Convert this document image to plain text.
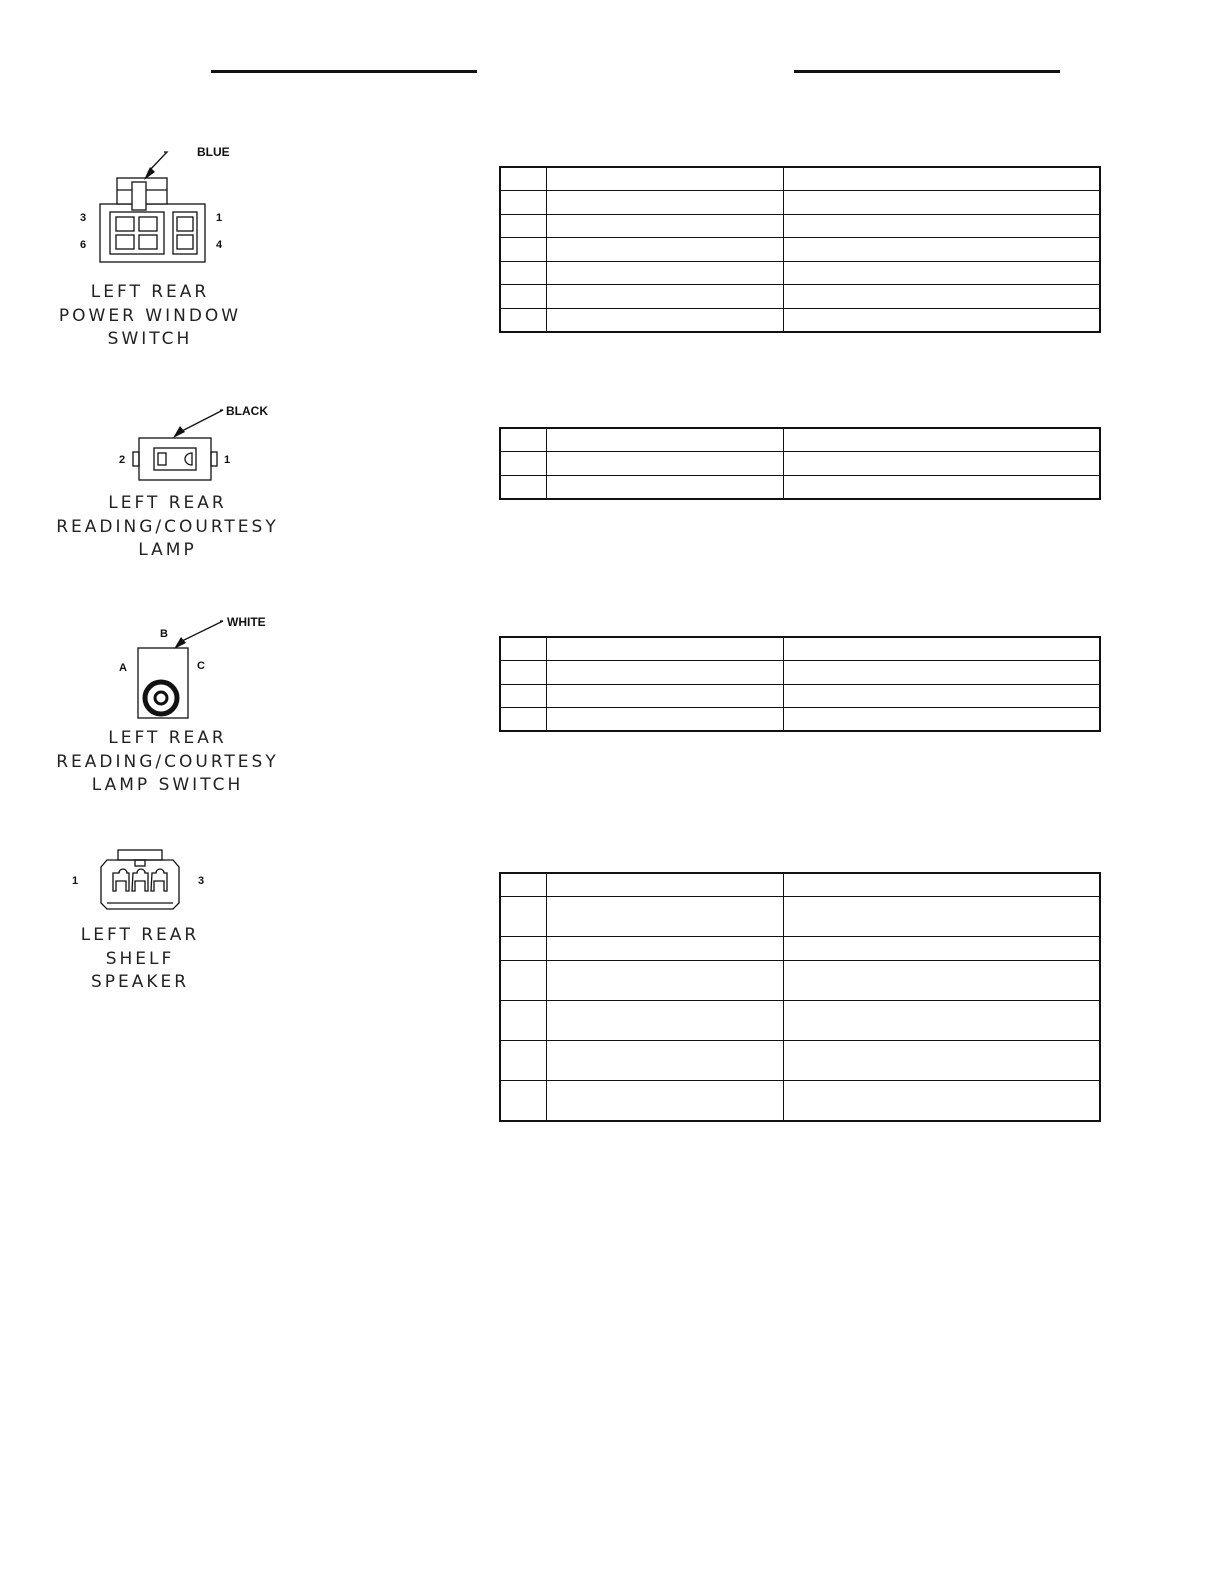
BLUE
3	1
6	4
LEFT REAR
POWER WINDOW
SWITCH

BLACK
2	1
LEFT REAR
READING/COURTESY
LAMP

WHITE
B
A	C
LEFT REAR
READING/COURTESY
LAMP SWITCH

1	3
LEFT REAR
SHELF SPEAKER
